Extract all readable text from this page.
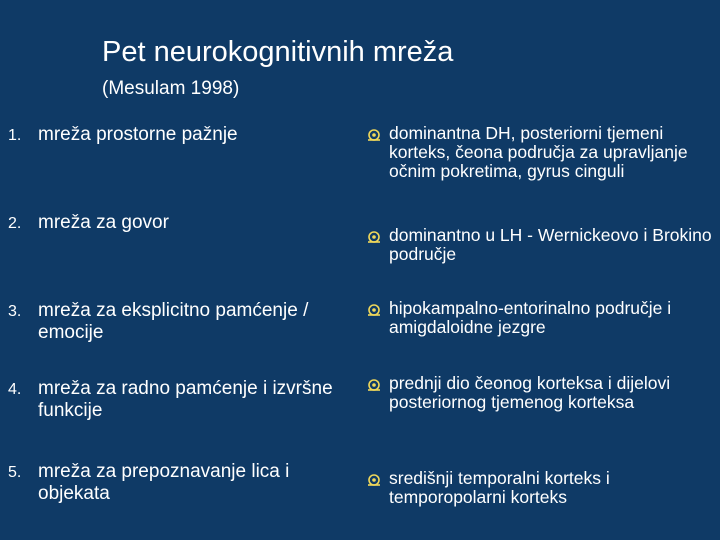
Pet neurokognitivnih mreža
(Mesulam 1998)
1. mreža prostorne pažnje
2. mreža za govor
3. mreža za eksplicitno pamćenje / emocije
4. mreža za radno pamćenje i izvršne funkcije
5. mreža za prepoznavanje lica i objekata
dominantna DH, posteriorni tjemeni korteks, čeona područja za upravljanje očnim pokretima, gyrus cinguli
dominantno u LH - Wernickeovo i Brokino područje
hipokampalno-entorinalno područje i amigdaloidne jezgre
prednji dio čeonog korteksa i dijelovi posteriornog tjemenog korteksa
središnji temporalni korteks i temporopolarni korteks
